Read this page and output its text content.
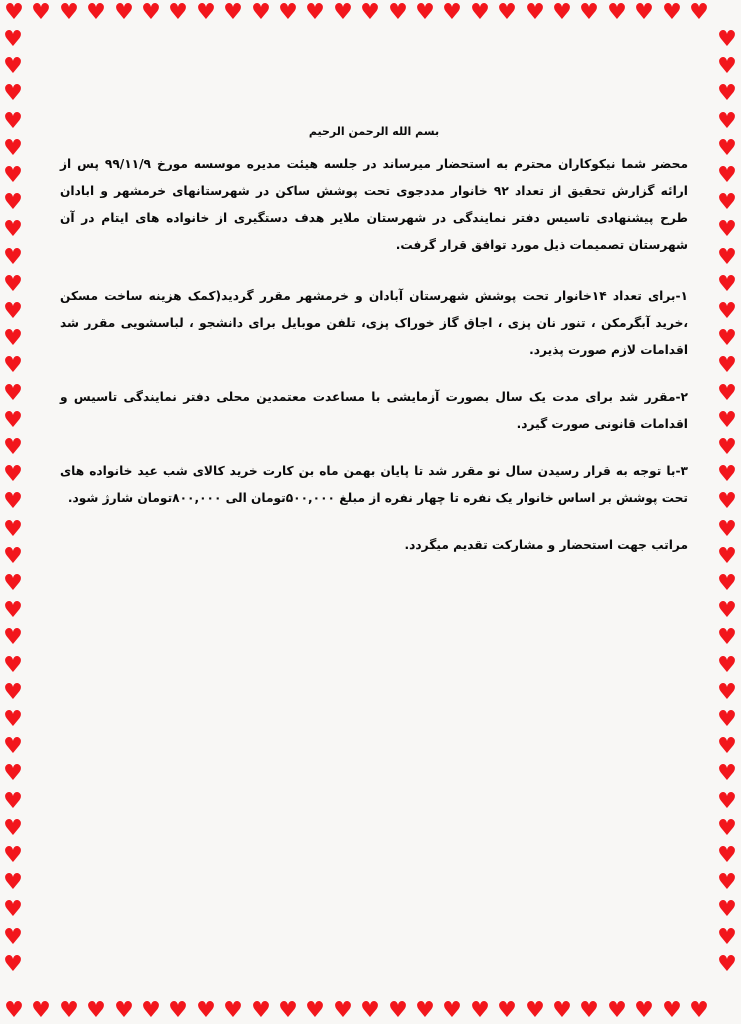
♥ ♥ ♥ ♥ ♥ ♥ ♥ ♥ ♥ ♥ ♥ ♥ ♥ ♥ ♥ ♥ ♥ ♥ ♥ ♥ ♥ ♥ ♥ ♥ ♥ ♥
♥ ♥ ♥ ♥ ♥ ♥ ♥ ♥ ♥ ♥ ♥ ♥ ♥ ♥ ♥ ♥ ♥ ♥ ♥ ♥ ♥ ♥ ♥ ♥ ♥ ♥
♥
♥
♥
♥
♥
♥
♥
♥
♥
♥
♥
♥
♥
♥
♥
♥
♥
♥
♥
♥
♥
♥
♥
♥
♥
♥
♥
♥
♥
♥
♥
♥
♥
♥
♥
♥
♥
♥
♥
♥
♥
♥
♥
♥
♥
♥
♥
♥
♥
♥
♥
♥
♥
♥
♥
♥
♥
♥
♥
♥
♥
♥
♥
♥
♥
♥
♥
♥
♥
♥

بسم الله الرحمن الرحيم

محضر شما نیکوکاران محترم به استحضار میرساند در جلسه هیئت مدیره موسسه مورخ ۹۹/۱۱/۹ پس از ارائه گزارش تحقیق از تعداد ۹۲ خانوار مددجوی تحت پوشش ساکن در شهرستانهای خرمشهر و ابادان طرح پیشنهادی تاسیس دفتر نمایندگی در شهرستان ملایر هدف دستگیری از خانواده های ایتام در آن شهرستان تصمیمات ذیل مورد توافق قرار گرفت.

۱-برای تعداد ۱۴خانوار تحت پوشش شهرستان آبادان و خرمشهر مقرر گردید(کمک هزینه ساخت مسکن ،خرید آبگرمکن ، تنور نان پزی ، اجاق گاز خوراک پزی، تلفن موبایل برای دانشجو ، لباسشویی مقرر شد اقدامات لازم صورت پذیرد.

۲-مقرر شد برای مدت یک سال بصورت آزمایشی با مساعدت معتمدین محلی دفتر نمایندگی تاسیس و اقدامات قانونی صورت گیرد.

۳-با توجه به قرار رسیدن سال نو مقرر شد تا پایان بهمن ماه بن کارت خرید کالای شب عید خانواده های تحت پوشش بر اساس خانوار یک نفره تا چهار نفره از مبلغ ۵۰۰,۰۰۰تومان الی ۸۰۰,۰۰۰تومان شارژ شود.

مراتب جهت استحضار و مشارکت تقدیم میگردد.
